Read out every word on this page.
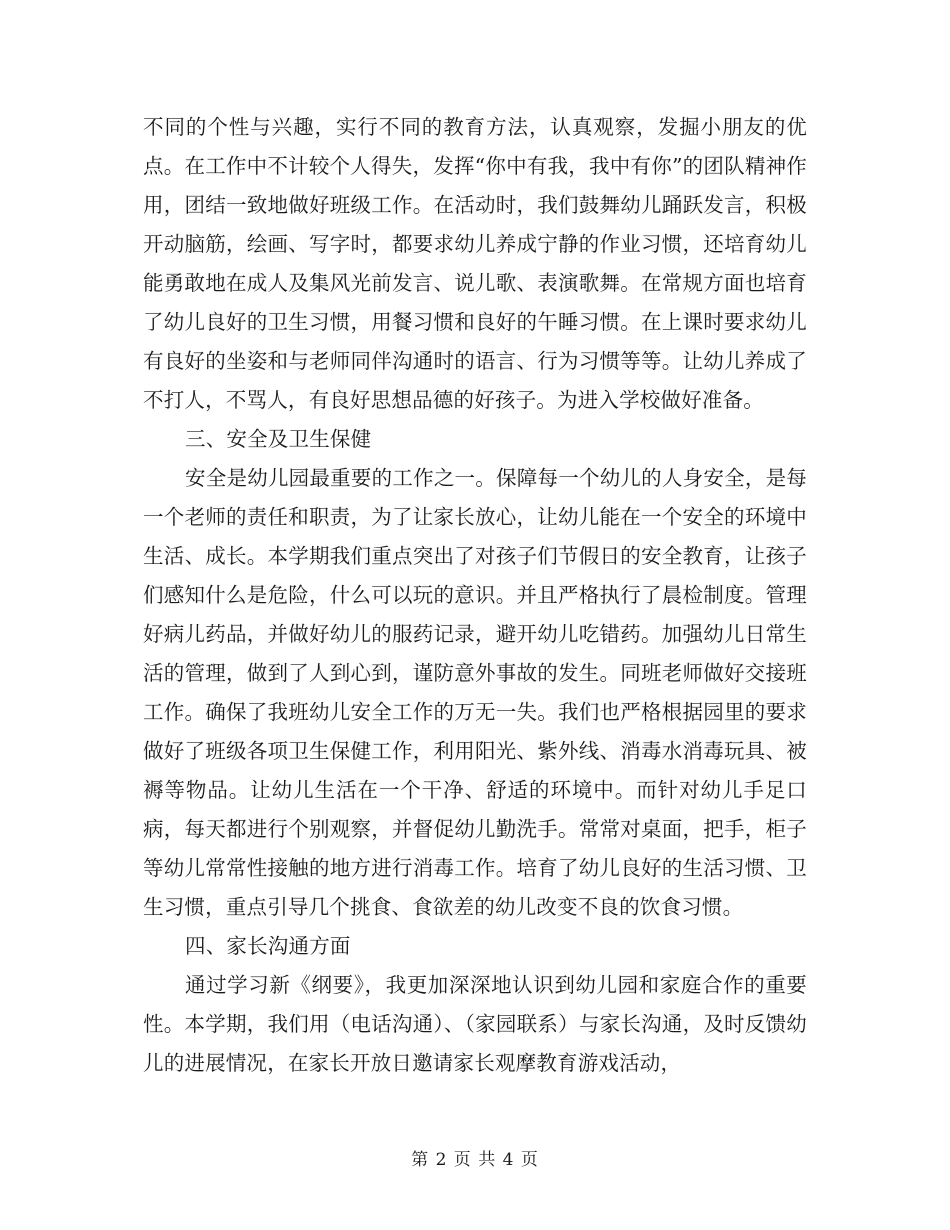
不同的个性与兴趣，实行不同的教育方法，认真观察，发掘小朋友的优点。在工作中不计较个人得失，发挥“你中有我，我中有你”的团队精神作用，团结一致地做好班级工作。在活动时，我们鼓舞幼儿踊跃发言，积极开动脑筋，绘画、写字时，都要求幼儿养成宁静的作业习惯，还培育幼儿能勇敢地在成人及集风光前发言、说儿歌、表演歌舞。在常规方面也培育了幼儿良好的卫生习惯，用餐习惯和良好的午睡习惯。在上课时要求幼儿有良好的坐姿和与老师同伴沟通时的语言、行为习惯等等。让幼儿养成了不打人，不骂人，有良好思想品德的好孩子。为进入学校做好准备。

三、安全及卫生保健

安全是幼儿园最重要的工作之一。保障每一个幼儿的人身安全，是每一个老师的责任和职责，为了让家长放心，让幼儿能在一个安全的环境中生活、成长。本学期我们重点突出了对孩子们节假日的安全教育，让孩子们感知什么是危险，什么可以玩的意识。并且严格执行了晨检制度。管理好病儿药品，并做好幼儿的服药记录，避开幼儿吃错药。加强幼儿日常生活的管理，做到了人到心到，谨防意外事故的发生。同班老师做好交接班工作。确保了我班幼儿安全工作的万无一失。我们也严格根据园里的要求做好了班级各项卫生保健工作，利用阳光、紫外线、消毒水消毒玩具、被褥等物品。让幼儿生活在一个干净、舒适的环境中。而针对幼儿手足口病，每天都进行个别观察，并督促幼儿勤洗手。常常对桌面，把手，柜子等幼儿常常性接触的地方进行消毒工作。培育了幼儿良好的生活习惯、卫生习惯，重点引导几个挑食、食欲差的幼儿改变不良的饮食习惯。

四、家长沟通方面

通过学习新《纲要》，我更加深深地认识到幼儿园和家庭合作的重要性。本学期，我们用（电话沟通）、（家园联系）与家长沟通，及时反馈幼儿的进展情况，在家长开放日邀请家长观摩教育游戏活动，

第 2 页 共 4 页
